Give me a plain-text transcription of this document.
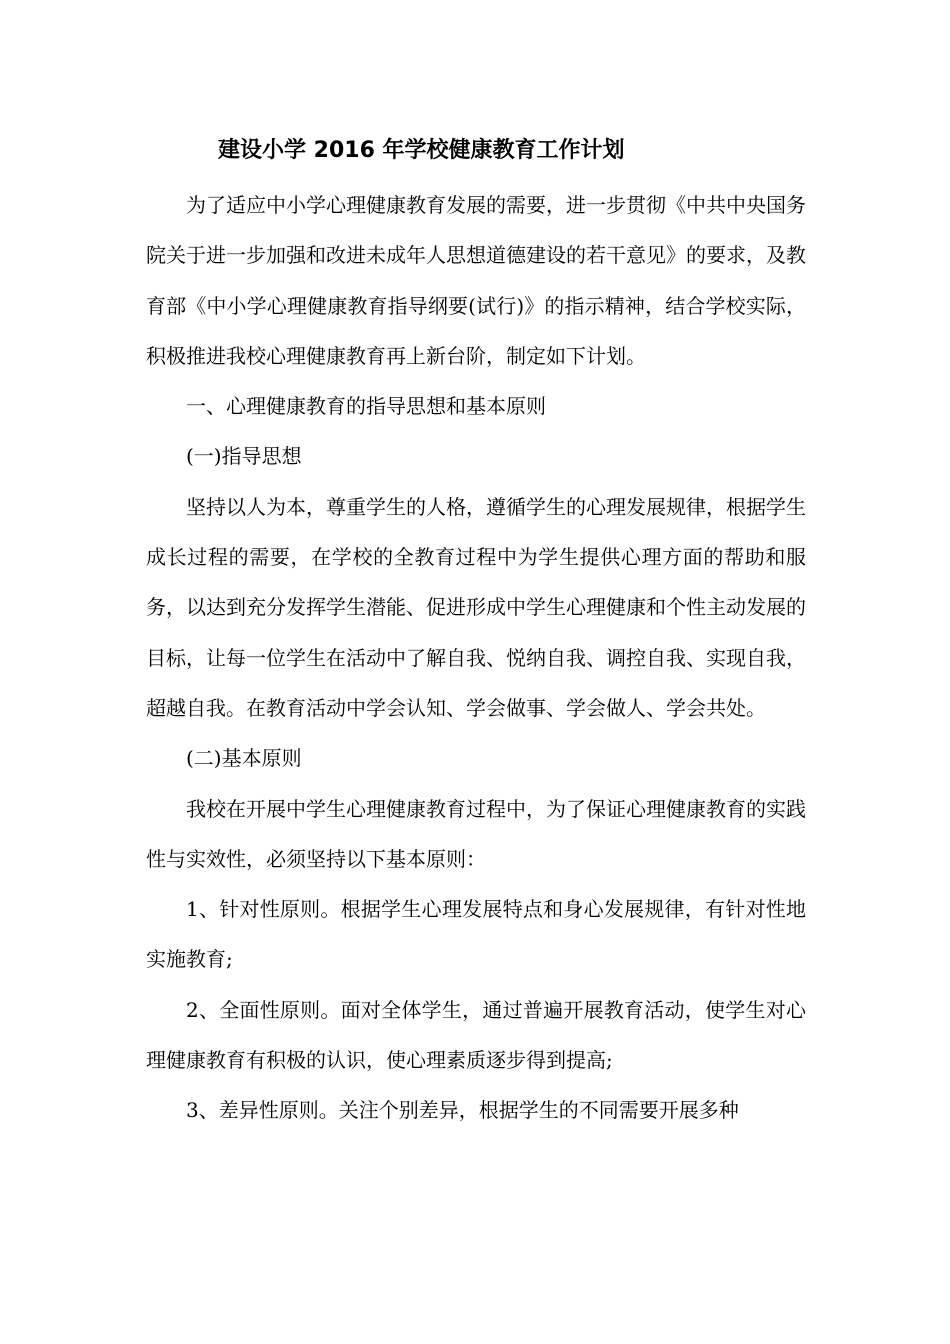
建设小学 2016 年学校健康教育工作计划

为了适应中小学心理健康教育发展的需要，进一步贯彻《中共中央国务院关于进一步加强和改进未成年人思想道德建设的若干意见》的要求，及教育部《中小学心理健康教育指导纲要(试行)》的指示精神，结合学校实际，积极推进我校心理健康教育再上新台阶，制定如下计划。

一、心理健康教育的指导思想和基本原则

(一)指导思想

坚持以人为本，尊重学生的人格，遵循学生的心理发展规律，根据学生成长过程的需要，在学校的全教育过程中为学生提供心理方面的帮助和服务，以达到充分发挥学生潜能、促进形成中学生心理健康和个性主动发展的目标，让每一位学生在活动中了解自我、悦纳自我、调控自我、实现自我，超越自我。在教育活动中学会认知、学会做事、学会做人、学会共处。

(二)基本原则

我校在开展中学生心理健康教育过程中，为了保证心理健康教育的实践性与实效性，必须坚持以下基本原则：

1、针对性原则。根据学生心理发展特点和身心发展规律，有针对性地实施教育;

2、全面性原则。面对全体学生，通过普遍开展教育活动，使学生对心理健康教育有积极的认识，使心理素质逐步得到提高;

3、差异性原则。关注个别差异，根据学生的不同需要开展多种
